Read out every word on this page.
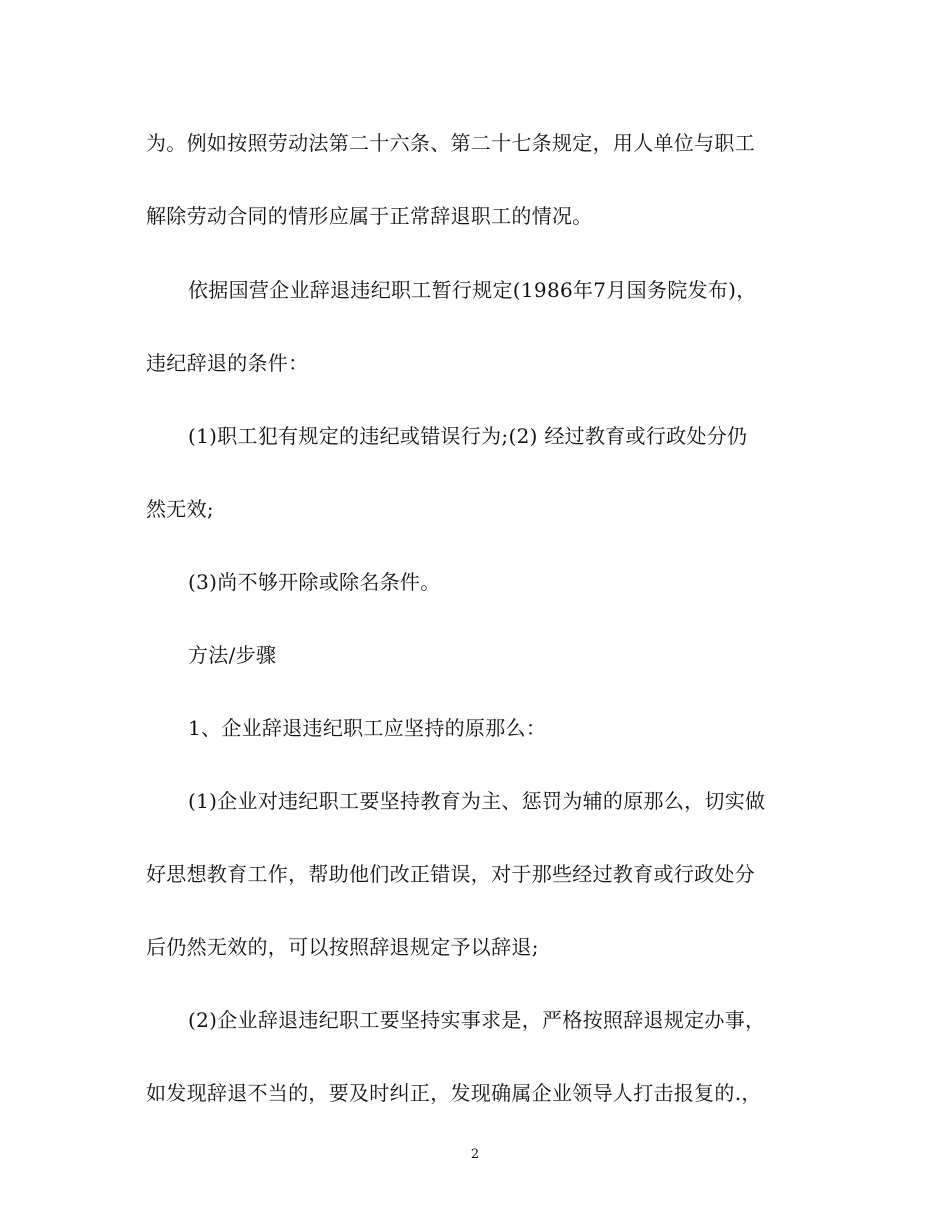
为。例如按照劳动法第二十六条、第二十七条规定，用人单位与职工
解除劳动合同的情形应属于正常辞退职工的情况。
依据国营企业辞退违纪职工暂行规定(1986年7月国务院发布)，
违纪辞退的条件：
(1)职工犯有规定的违纪或错误行为;(2) 经过教育或行政处分仍
然无效;
(3)尚不够开除或除名条件。
方法/步骤
1、企业辞退违纪职工应坚持的原那么：
(1)企业对违纪职工要坚持教育为主、惩罚为辅的原那么，切实做
好思想教育工作，帮助他们改正错误，对于那些经过教育或行政处分
后仍然无效的，可以按照辞退规定予以辞退;
(2)企业辞退违纪职工要坚持实事求是，严格按照辞退规定办事，
如发现辞退不当的，要及时纠正，发现确属企业领导人打击报复的.，
2
